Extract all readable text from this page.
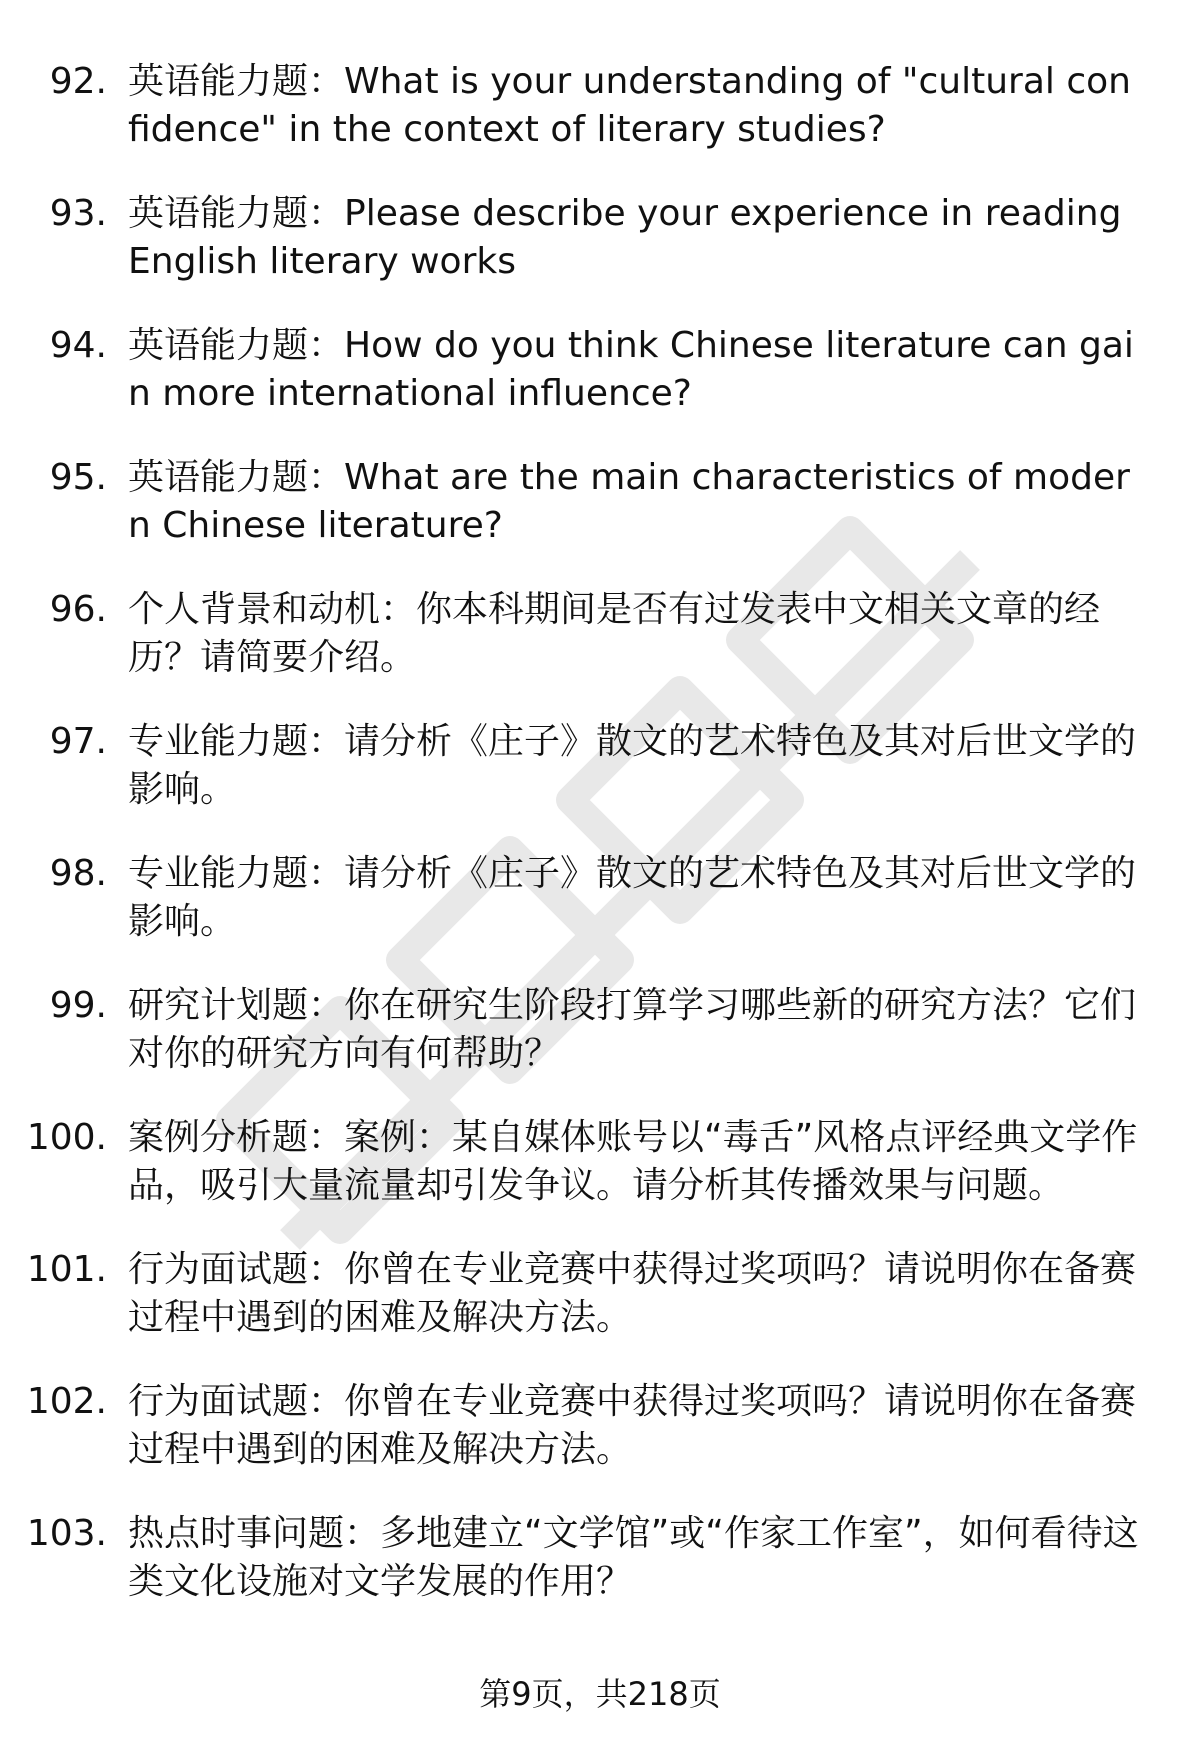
92. 英语能力题：What is your understanding of "cultural confidence" in the context of literary studies?
93. 英语能力题：Please describe your experience in reading English literary works
94. 英语能力题：How do you think Chinese literature can gain more international influence?
95. 英语能力题：What are the main characteristics of modern Chinese literature?
96. 个人背景和动机：你本科期间是否有过发表中文相关文章的经历？请简要介绍。
97. 专业能力题：请分析《庄子》散文的艺术特色及其对后世文学的影响。
98. 专业能力题：请分析《庄子》散文的艺术特色及其对后世文学的影响。
99. 研究计划题：你在研究生阶段打算学习哪些新的研究方法？它们对你的研究方向有何帮助？
100. 案例分析题：案例：某自媒体账号以“毒舌”风格点评经典文学作品，吸引大量流量却引发争议。请分析其传播效果与问题。
101. 行为面试题：你曾在专业竞赛中获得过奖项吗？请说明你在备赛过程中遇到的困难及解决方法。
102. 行为面试题：你曾在专业竞赛中获得过奖项吗？请说明你在备赛过程中遇到的困难及解决方法。
103. 热点时事问题：多地建立“文学馆”或“作家工作室”，如何看待这类文化设施对文学发展的作用？
第9页，共218页
